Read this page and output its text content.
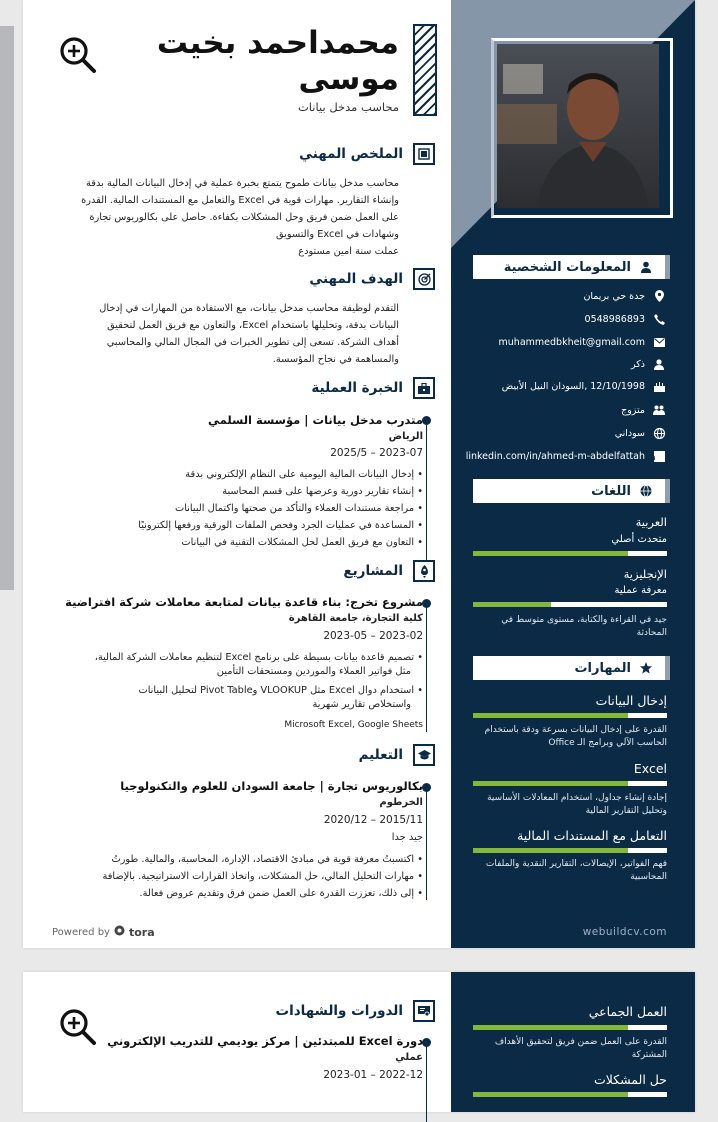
المعلومات الشخصية
جدة حي بريمان
0548986893
muhammedbkheit@gmail.com
ذكر
12/10/1998 ,السودان النيل الأبيض
متزوج
سوداني
in
linkedin.com/in/ahmed-m-abdelfattah
اللغات
العربية
متحدث أصلي
الإنجليزية
معرفة عملية
جيد في القراءة والكتابة، مستوى متوسط في
المحادثة
المهارات
إدخال البيانات
القدرة على إدخال البيانات بسرعة ودقة باستخدام
الحاسب الآلي وبرامج الـ Office
Excel
إجادة إنشاء جداول، استخدام المعادلات الأساسية
وتحليل التقارير المالية
التعامل مع المستندات المالية
فهم الفواتير، الإيصالات، التقارير النقدية والملفات
المحاسبية
webuildcv.com
محمداحمد بخيت موسى
محاسب مدخل بيانات
الملخص المهني
محاسب مدخل بيانات طموح يتمتع بخبرة عملية في إدخال البيانات المالية بدقة
وإنشاء التقارير. مهارات قوية في Excel والتعامل مع المستندات المالية. القدرة
على العمل ضمن فريق وحل المشكلات بكفاءة. حاصل على بكالوريوس تجارة
وشهادات في Excel والتسويق
عملت سنة امين مستودع
الهدف المهني
التقدم لوظيفة محاسب مدخل بيانات، مع الاستفادة من المهارات في إدخال
البيانات بدقة، وتحليلها باستخدام Excel، والتعاون مع فريق العمل لتحقيق
أهداف الشركة. تسعى إلى تطوير الخبرات في المجال المالي والمحاسبي
والمساهمة في نجاح المؤسسة.
الخبرة العملية
متدرب مدخل بيانات | مؤسسة السلمي
الرياض
2023-07 – 2025/5
• إدخال البيانات المالية اليومية على النظام الإلكتروني بدقة
• إنشاء تقارير دورية وعرضها على قسم المحاسبة
• مراجعة مستندات العملاء والتأكد من صحتها واكتمال البيانات
• المساعدة في عمليات الجرد وفحص الملفات الورقية ورفعها إلكترونيًا
• التعاون مع فريق العمل لحل المشكلات التقنية في البيانات
المشاريع
مشروع تخرج: بناء قاعدة بيانات لمتابعة معاملات شركة افتراضية
كلية التجارة، جامعة القاهرة
2023-02 – 2023-05
• تصميم قاعدة بيانات بسيطة على برنامج Excel لتنظيم معاملات الشركة المالية،
مثل فواتير العملاء والموردين ومستحقات التأمين
• استخدام دوال Excel مثل VLOOKUP وPivot Table لتحليل البيانات
واستخلاص تقارير شهرية
Microsoft Excel, Google Sheets
التعليم
بكالوريوس تجارة | جامعة السودان للعلوم والتكنولوجيا
الخرطوم
2015/11 – 2020/12
جيد جدا
• اكتسبتُ معرفة قوية في مبادئ الاقتصاد، الإدارة، المحاسبة، والمالية. طورتُ
• مهارات التحليل المالي، حل المشكلات، واتخاذ القرارات الاستراتيجية. بالإضافة
• إلى ذلك، تعززت القدرة على العمل ضمن فرق وتقديم عروض فعالة.
Powered by tora
العمل الجماعي
القدرة على العمل ضمن فريق لتحقيق الأهداف
المشتركة
حل المشكلات
الدورات والشهادات
دورة Excel للمبتدئين | مركز يوديمي للتدريب الإلكتروني
عملي
2022-12 – 2023-01
